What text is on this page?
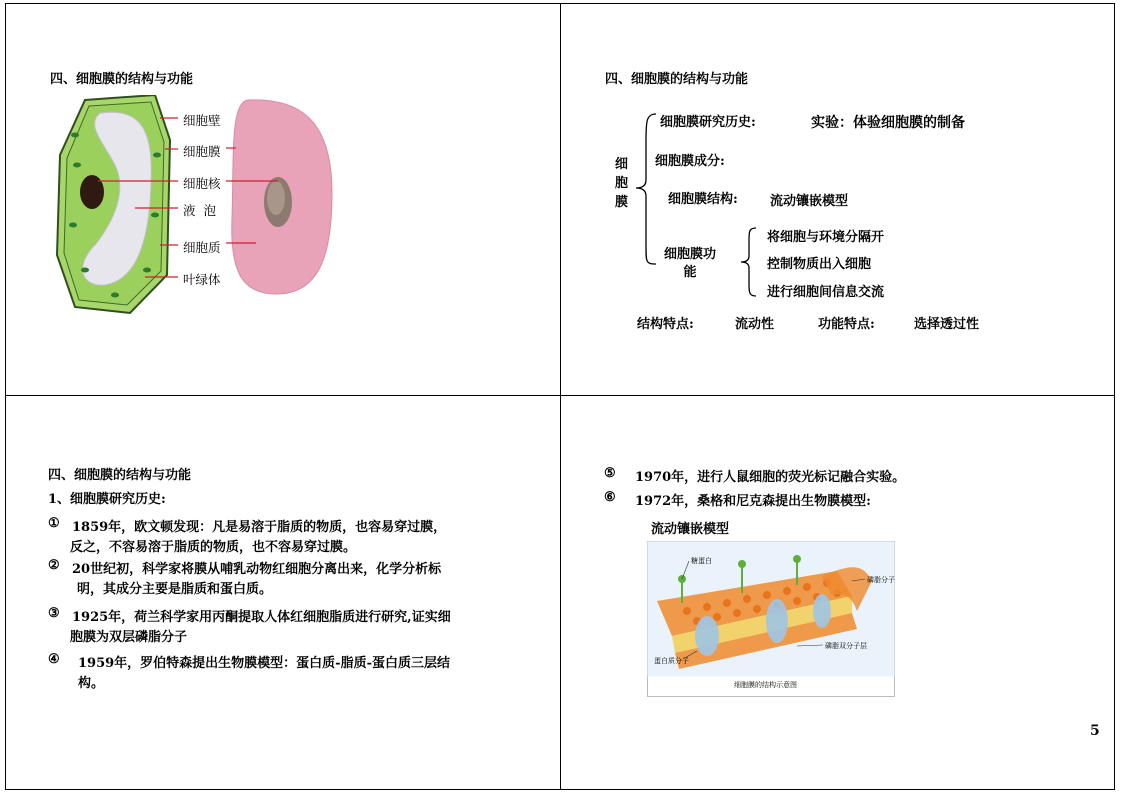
四、细胞膜的结构与功能
细胞壁
细胞膜
细胞核
液  泡
细胞质
叶绿体
四、细胞膜的结构与功能
细
胞
膜
细胞膜研究历史:	实验：体验细胞膜的制备
细胞膜成分:
细胞膜结构: 流动镶嵌模型
细胞膜功
能
将细胞与环境分隔开
控制物质出入细胞
进行细胞间信息交流
结构特点:	流动性	功能特点:	选择透过性
四、细胞膜的结构与功能
1、细胞膜研究历史:
① 1859年，欧文顿发现：凡是易溶于脂质的物质，也容易穿过膜，
反之，不容易溶于脂质的物质，也不容易穿过膜。
② 20世纪初，科学家将膜从哺乳动物红细胞分离出来，化学分析标
明，其成分主要是脂质和蛋白质。
③ 1925年，荷兰科学家用丙酮提取人体红细胞脂质进行研究,证实细
胞膜为双层磷脂分子
④ 1959年，罗伯特森提出生物膜模型：蛋白质-脂质-蛋白质三层结
构。
⑤ 1970年，进行人鼠细胞的荧光标记融合实验。
⑥ 1972年，桑格和尼克森提出生物膜模型:
流动镶嵌模型
糖蛋白
磷脂分子
磷脂双分子层
蛋白质分子
细胞膜的结构示意图
5
